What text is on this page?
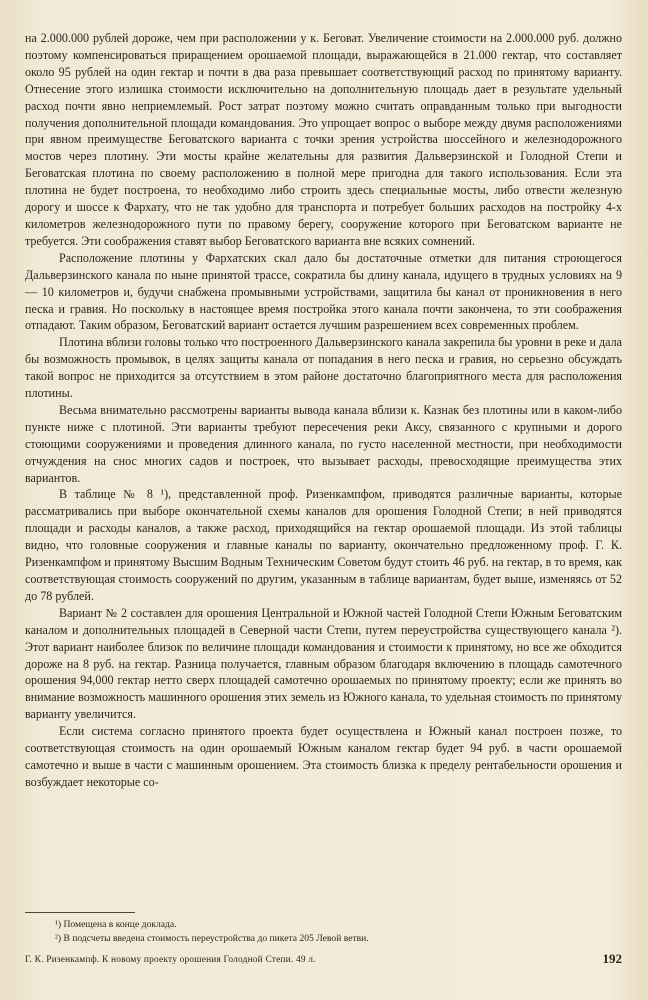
на 2.000.000 рублей дороже, чем при расположении у к. Беговат. Увеличение стоимости на 2.000.000 руб. должно поэтому компенсироваться приращением орошаемой площади, выражающейся в 21.000 гектар, что составляет около 95 рублей на один гектар и почти в два раза превышает соответствующий расход по принятому варианту. Отнесение этого излишка стоимости исключительно на дополнительную площадь дает в результате удельный расход почти явно неприемлемый. Рост затрат поэтому можно считать оправданным только при выгодности получения дополнительной площади командования. Это упрощает вопрос о выборе между двумя расположениями при явном преимуществе Беговатского варианта с точки зрения устройства шоссейного и железнодорожного мостов через плотину. Эти мосты крайне желательны для развития Дальверзинской и Голодной Степи и Беговатская плотина по своему расположению в полной мере пригодна для такого использования. Если эта плотина не будет построена, то необходимо либо строить здесь специальные мосты, либо отвести железную дорогу и шоссе к Фархату, что не так удобно для транспорта и потребует больших расходов на постройку 4-х километров железнодорожного пути по правому берегу, сооружение которого при Беговатском варианте не требуется. Эти соображения ставят выбор Беговатского варианта вне всяких сомнений.

Расположение плотины у Фархатских скал дало бы достаточные отметки для питания строющегося Дальверзинского канала по ныне принятой трассе, сократила бы длину канала, идущего в трудных условиях на 9 — 10 километров и, будучи снабжена промывными устройствами, защитила бы канал от проникновения в него песка и гравия. Но поскольку в настоящее время постройка этого канала почти закончена, то эти соображения отпадают. Таким образом, Беговатский вариант остается лучшим разрешением всех современных проблем.

Плотина вблизи головы только что построенного Дальверзинского канала закрепила бы уровни в реке и дала бы возможность промывок, в целях защиты канала от попадания в него песка и гравия, но серьезно обсуждать такой вопрос не приходится за отсутствием в этом районе достаточно благоприятного места для расположения плотины.

Весьма внимательно рассмотрены варианты вывода канала вблизи к. Казнак без плотины или в каком-либо пункте ниже с плотиной. Эти варианты требуют пересечения реки Аксу, связанного с крупными и дорого стоющими сооружениями и проведения длинного канала, по густо населенной местности, при необходимости отчуждения на снос многих садов и построек, что вызывает расходы, превосходящие преимущества этих вариантов.

В таблице № 8 ¹), представленной проф. Ризенкампфом, приводятся различные варианты, которые рассматривались при выборе окончательной схемы каналов для орошения Голодной Степи; в ней приводятся площади и расходы каналов, а также расход, приходящийся на гектар орошаемой площади. Из этой таблицы видно, что головные сооружения и главные каналы по варианту, окончательно предложенному проф. Г. К. Ризенкампфом и принятому Высшим Водным Техническим Советом будут стоить 46 руб. на гектар, в то время, как соответствующая стоимость сооружений по другим, указанным в таблице вариантам, будет выше, изменяясь от 52 до 78 рублей.

Вариант № 2 составлен для орошения Центральной и Южной частей Голодной Степи Южным Беговатским каналом и дополнительных площадей в Северной части Степи, путем переустройства существующего канала ²). Этот вариант наиболее близок по величине площади командования и стоимости к принятому, но все же обходится дороже на 8 руб. на гектар. Разница получается, главным образом благодаря включению в площадь самотечного орошения 94,000 гектар нетто сверх площадей самотечно орошаемых по принятому проекту; если же принять во внимание возможность машинного орошения этих земель из Южного канала, то удельная стоимость по принятому варианту увеличится.

Если система согласно принятого проекта будет осуществлена и Южный канал построен позже, то соответствующая стоимость на один орошаемый Южным каналом гектар будет 94 руб. в части орошаемой самотечно и выше в части с машинным орошением. Эта стоимость близка к пределу рентабельности орошения и возбуждает некоторые со-

¹) Помещена в конце доклада.
²) В подсчеты введена стоимость переустройства до пикета 205 Левой ветви.
Г. К. Ризенкампф. К новому проекту орошения Голодной Степи. 49 л.	192
